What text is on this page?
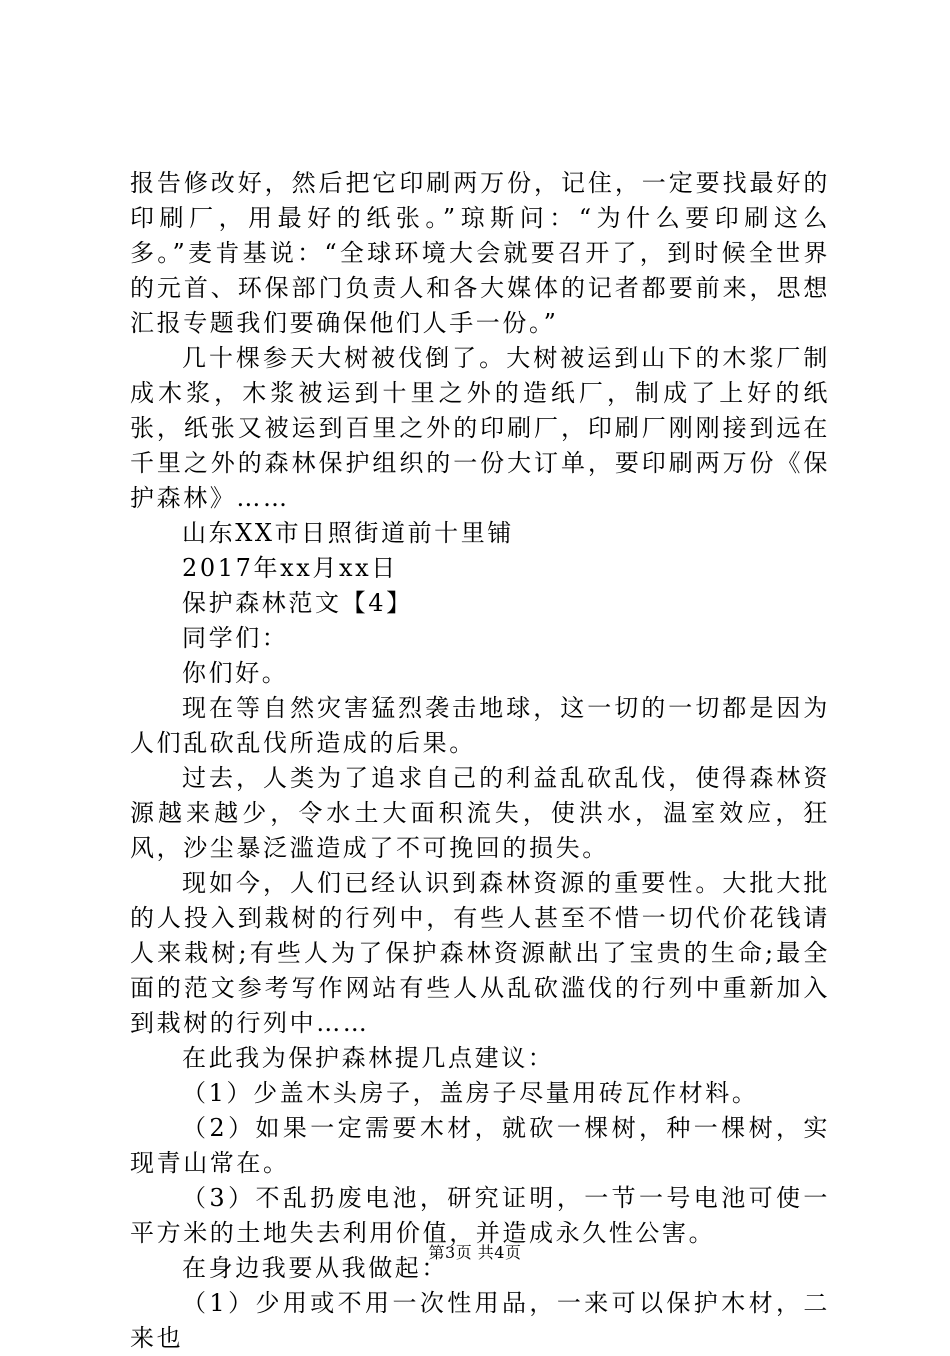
报告修改好，然后把它印刷两万份，记住，一定要找最好的印刷厂，用最好的纸张。”琼斯问：“为什么要印刷这么多。”麦肯基说：“全球环境大会就要召开了，到时候全世界的元首、环保部门负责人和各大媒体的记者都要前来，思想汇报专题我们要确保他们人手一份。”

几十棵参天大树被伐倒了。大树被运到山下的木浆厂制成木浆，木浆被运到十里之外的造纸厂，制成了上好的纸张，纸张又被运到百里之外的印刷厂，印刷厂刚刚接到远在千里之外的森林保护组织的一份大订单，要印刷两万份《保护森林》……

山东XX市日照街道前十里铺

2017年xx月xx日

保护森林范文【4】

同学们：

你们好。

现在等自然灾害猛烈袭击地球，这一切的一切都是因为人们乱砍乱伐所造成的后果。

过去，人类为了追求自己的利益乱砍乱伐，使得森林资源越来越少，令水土大面积流失，使洪水，温室效应，狂风，沙尘暴泛滥造成了不可挽回的损失。

现如今，人们已经认识到森林资源的重要性。大批大批的人投入到栽树的行列中，有些人甚至不惜一切代价花钱请人来栽树;有些人为了保护森林资源献出了宝贵的生命;最全面的范文参考写作网站有些人从乱砍滥伐的行列中重新加入到栽树的行列中……

在此我为保护森林提几点建议：

（1）少盖木头房子，盖房子尽量用砖瓦作材料。

（2）如果一定需要木材，就砍一棵树，种一棵树，实现青山常在。

（3）不乱扔废电池，研究证明，一节一号电池可使一平方米的土地失去利用价值，并造成永久性公害。

在身边我要从我做起：

（1）少用或不用一次性用品，一来可以保护木材，二来也

第3页 共4页
